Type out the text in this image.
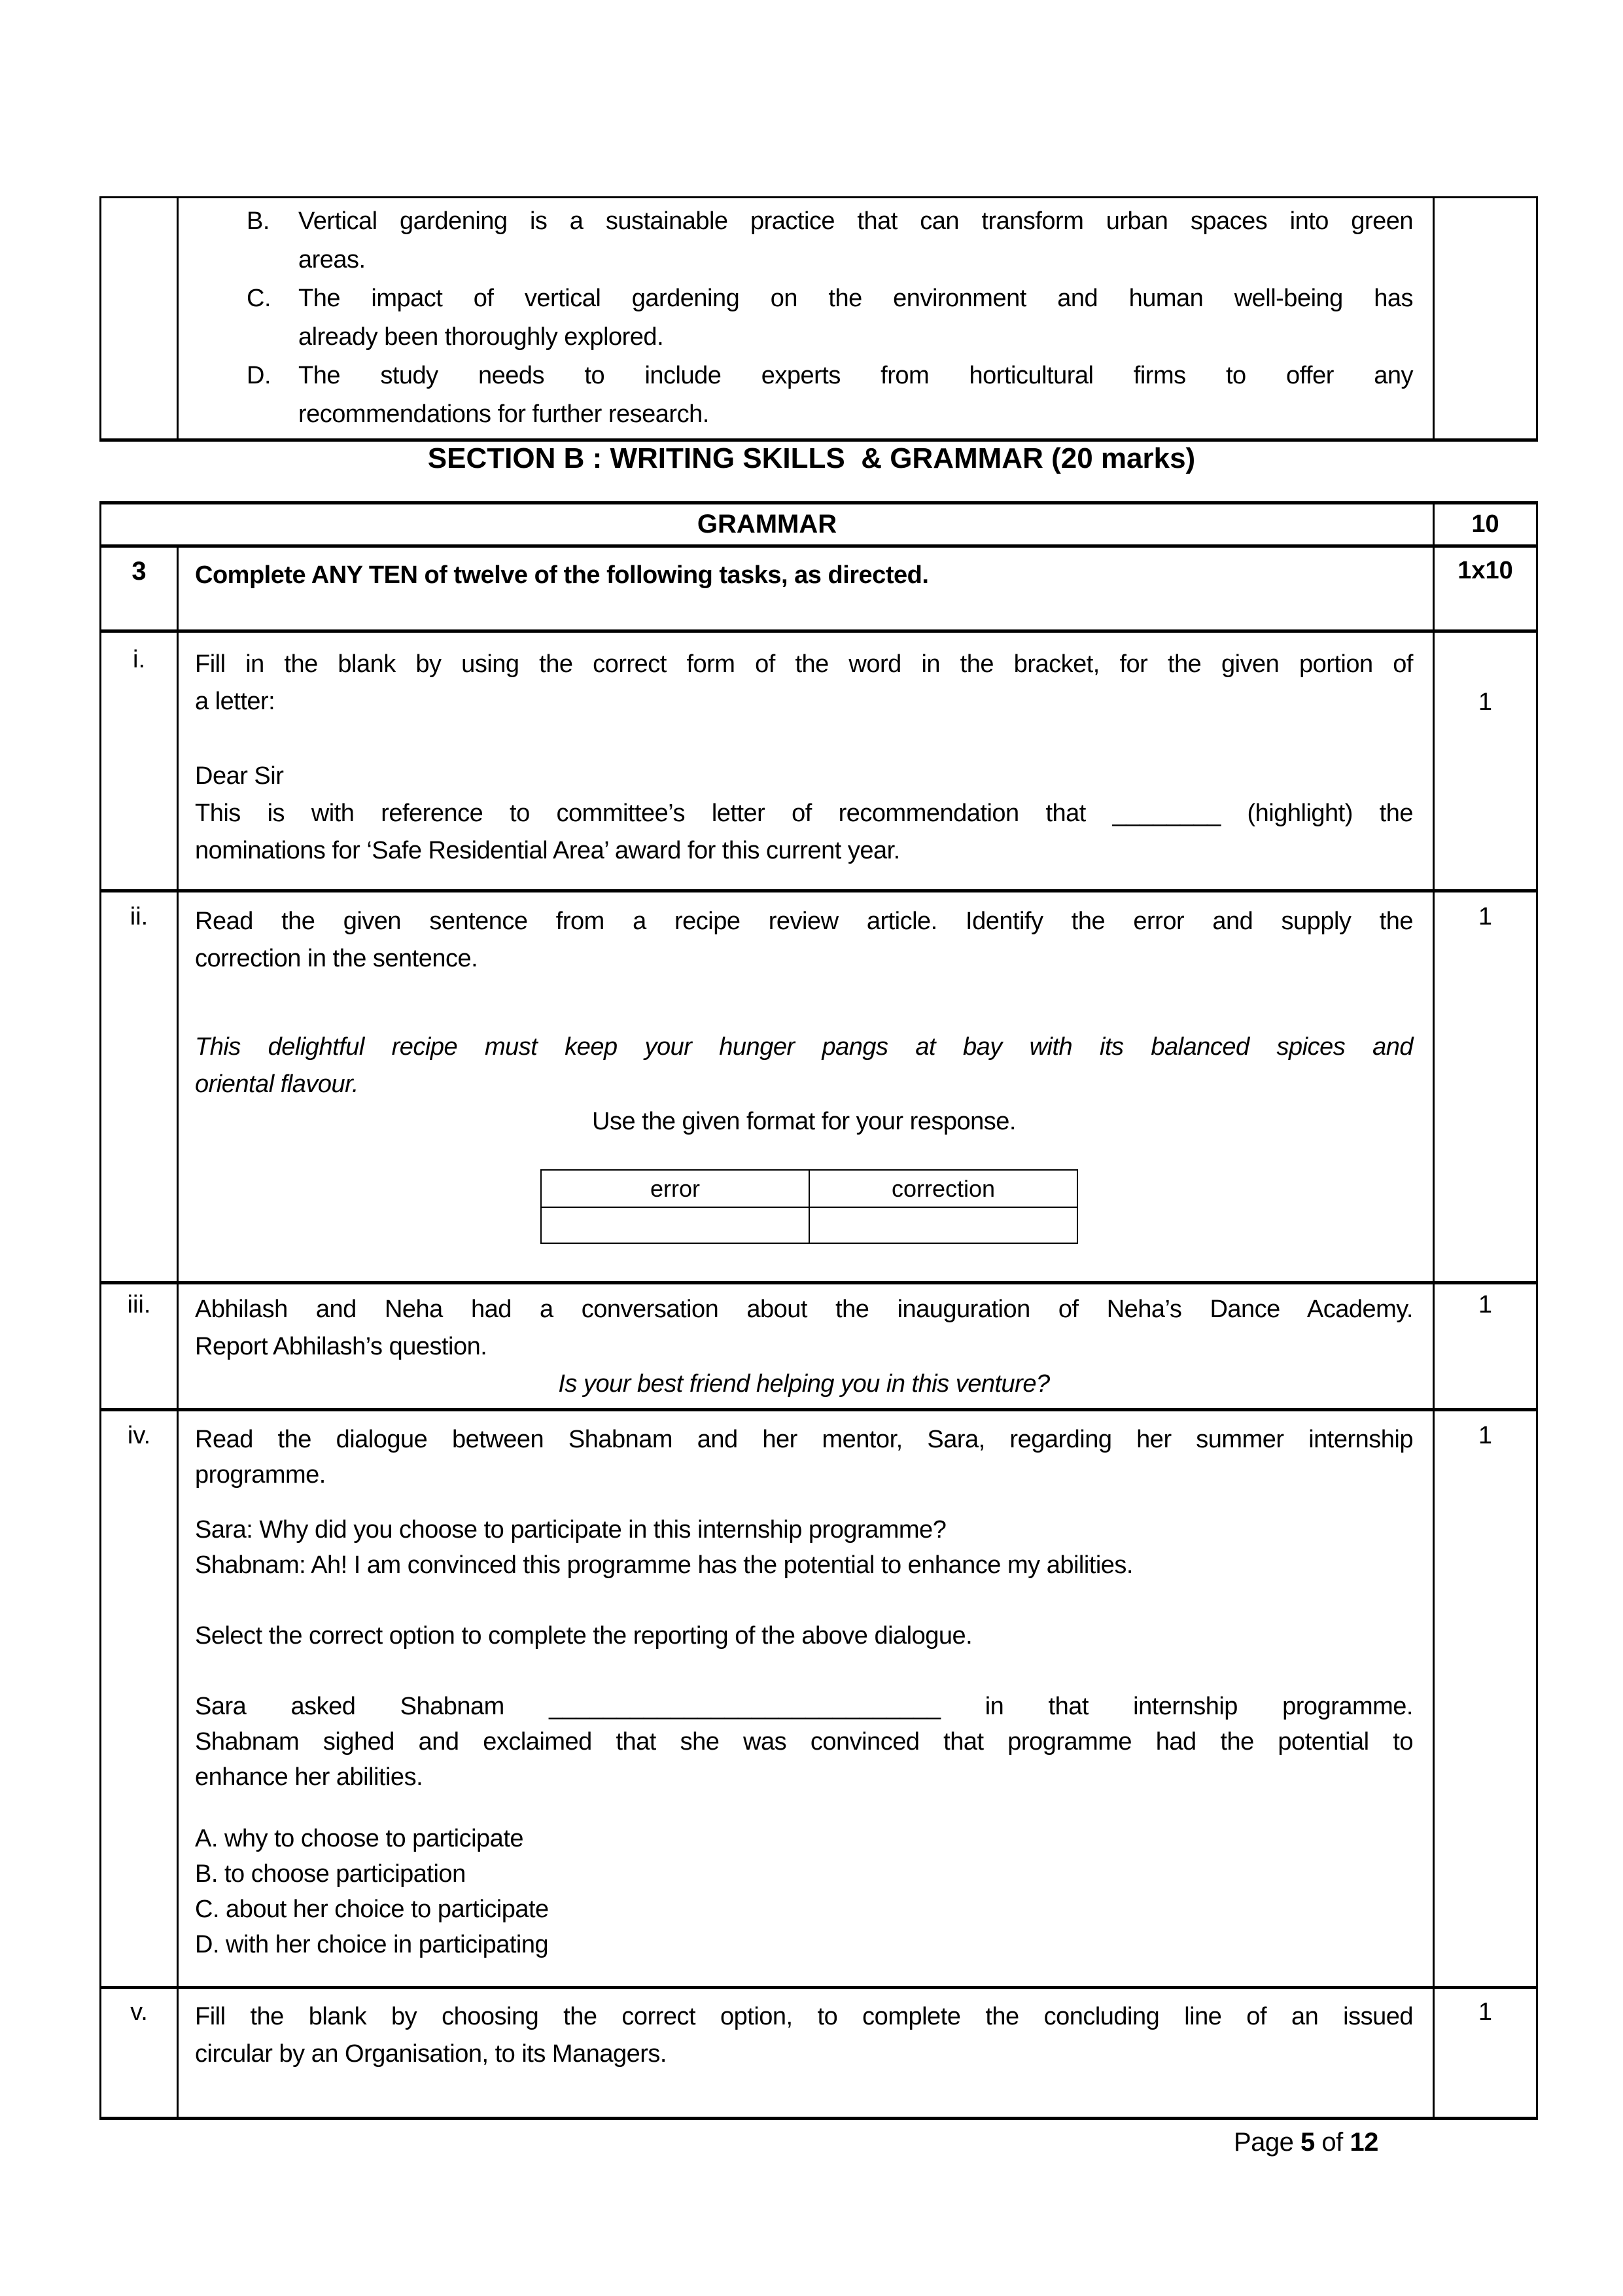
B.	Vertical gardening is a sustainable practice that can transform urban spaces into green
areas.
C.	The impact of vertical gardening on the environment and human well-being has
already been thoroughly explored.
D.	The study needs to include experts from horticultural firms to offer any
recommendations for further research.

SECTION B : WRITING SKILLS  & GRAMMAR (20 marks)
GRAMMAR	10

3	Complete ANY TEN of twelve of the following tasks, as directed.	1x10

i.	Fill in the blank by using the correct form of the word in the bracket, for the given portion of
a letter:
Dear Sir
This is with reference to committee’s letter of recommendation that ________ (highlight) the
nominations for ‘Safe Residential Area’ award for this current year.

1

ii.	Read the given sentence from a recipe review article. Identify the error and supply the
correction in the sentence.
This delightful recipe must keep your hunger pangs at bay with its balanced spices and
oriental flavour.
Use the given format for your response.
error	correction

1

iii.	Abhilash and Neha had a conversation about the inauguration of Neha’s Dance Academy.
Report Abhilash’s question.
Is your best friend helping you in this venture?

1

iv.	Read the dialogue between Shabnam and her mentor, Sara, regarding her summer internship
programme.
Sara: Why did you choose to participate in this internship programme?
Shabnam: Ah! I am convinced this programme has the potential to enhance my abilities.
Select the correct option to complete the reporting of the above dialogue.
Sara asked Shabnam _____________________________ in that internship programme.
Shabnam sighed and exclaimed that she was convinced that programme had the potential to
enhance her abilities.
A. why to choose to participate
B. to choose participation
C. about her choice to participate
D. with her choice in participating

1

v.	Fill the blank by choosing the correct option, to complete the concluding line of an issued
circular by an Organisation, to its Managers.

1
Page 5 of 12
